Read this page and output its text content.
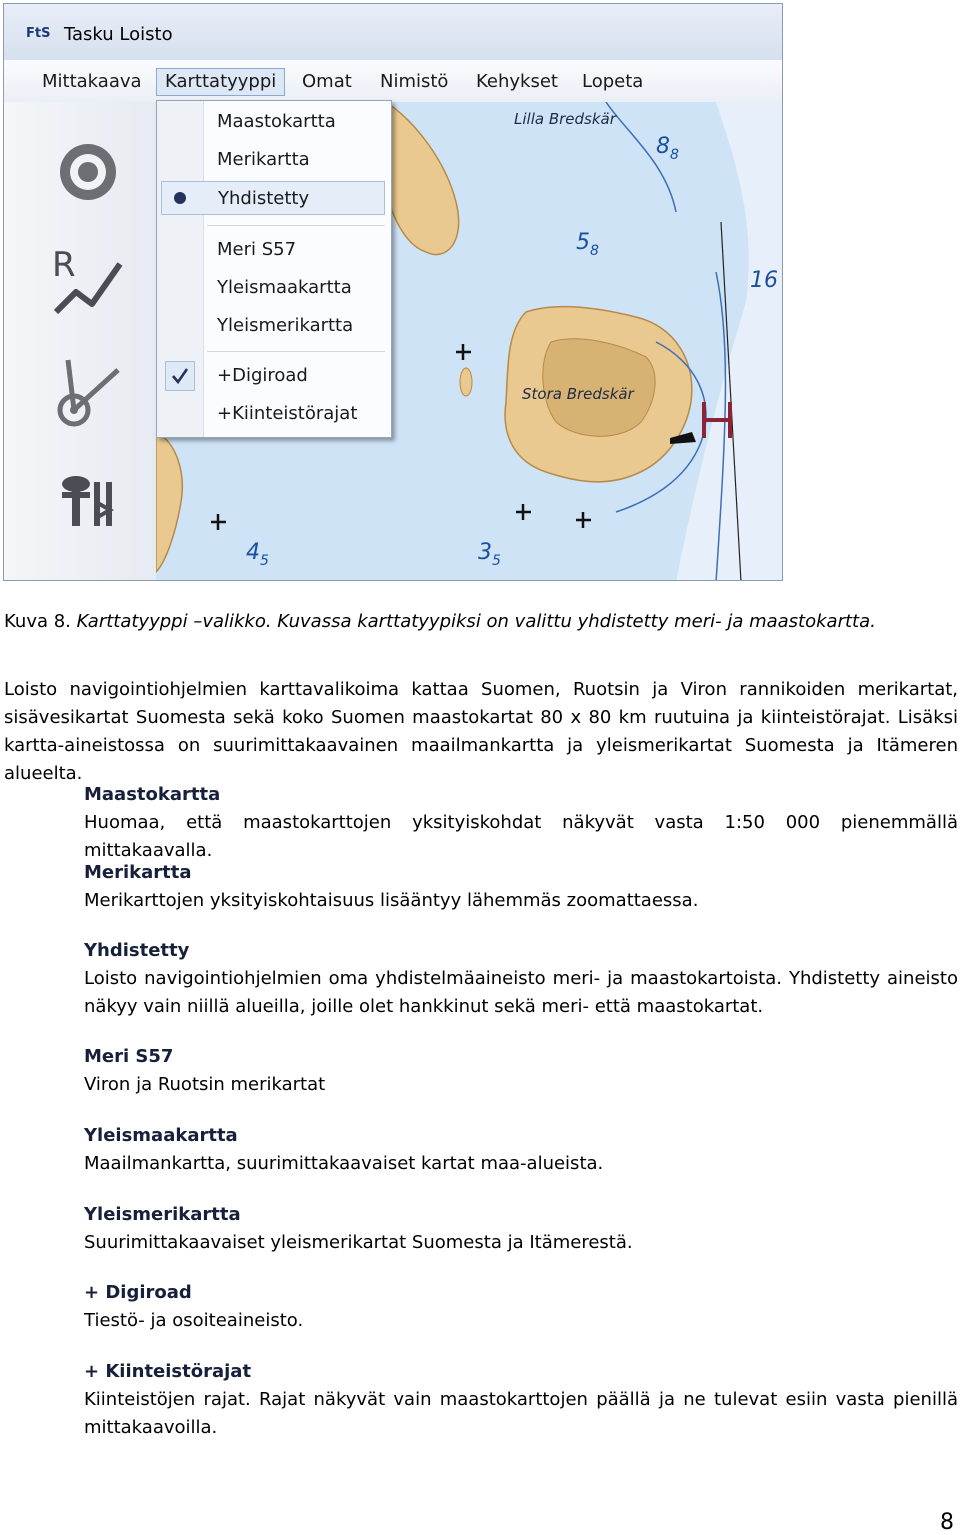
FtS Tasku Loisto
Mittakaava	Karttatyyppi	Omat	Nimistö	Kehykset	Lopeta
R
Lilla Bredskär
Stora Bredskär
$8_8$
$5_8$
16
$4_5$	$3_5$
Maastokartta
Merikartta
Yhdistetty
Meri S57
Yleismaakartta
Yleismerikartta
+Digiroad
+Kiinteistörajat
Kuva 8. Karttatyyppi –valikko. Kuvassa karttatyypiksi on valittu yhdistetty meri- ja maastokartta.
Loisto navigointiohjelmien karttavalikoima kattaa Suomen, Ruotsin ja Viron rannikoiden merikartat, sisävesikartat Suomesta sekä koko Suomen maastokartat 80 x 80 km ruutuina ja kiinteistörajat. Lisäksi kartta-aineistossa on suurimittakaavainen maailmankartta ja yleismerikartat Suomesta ja Itämeren alueelta.
Maastokartta
Huomaa, että maastokarttojen yksityiskohdat näkyvät vasta 1:50 000 pienemmällä mittakaavalla.
Merikartta
Merikarttojen yksityiskohtaisuus lisääntyy lähemmäs zoomattaessa.
Yhdistetty
Loisto navigointiohjelmien oma yhdistelmäaineisto meri- ja maastokartoista. Yhdistetty aineisto näkyy vain niillä alueilla, joille olet hankkinut sekä meri- että maastokartat.
Meri S57
Viron ja Ruotsin merikartat
Yleismaakartta
Maailmankartta, suurimittakaavaiset kartat maa-alueista.
Yleismerikartta
Suurimittakaavaiset yleismerikartat Suomesta ja Itämerestä.
+ Digiroad
Tiestö- ja osoiteaineisto.
+ Kiinteistörajat
Kiinteistöjen rajat. Rajat näkyvät vain maastokarttojen päällä ja ne tulevat esiin vasta pienillä mittakaavoilla.
8
